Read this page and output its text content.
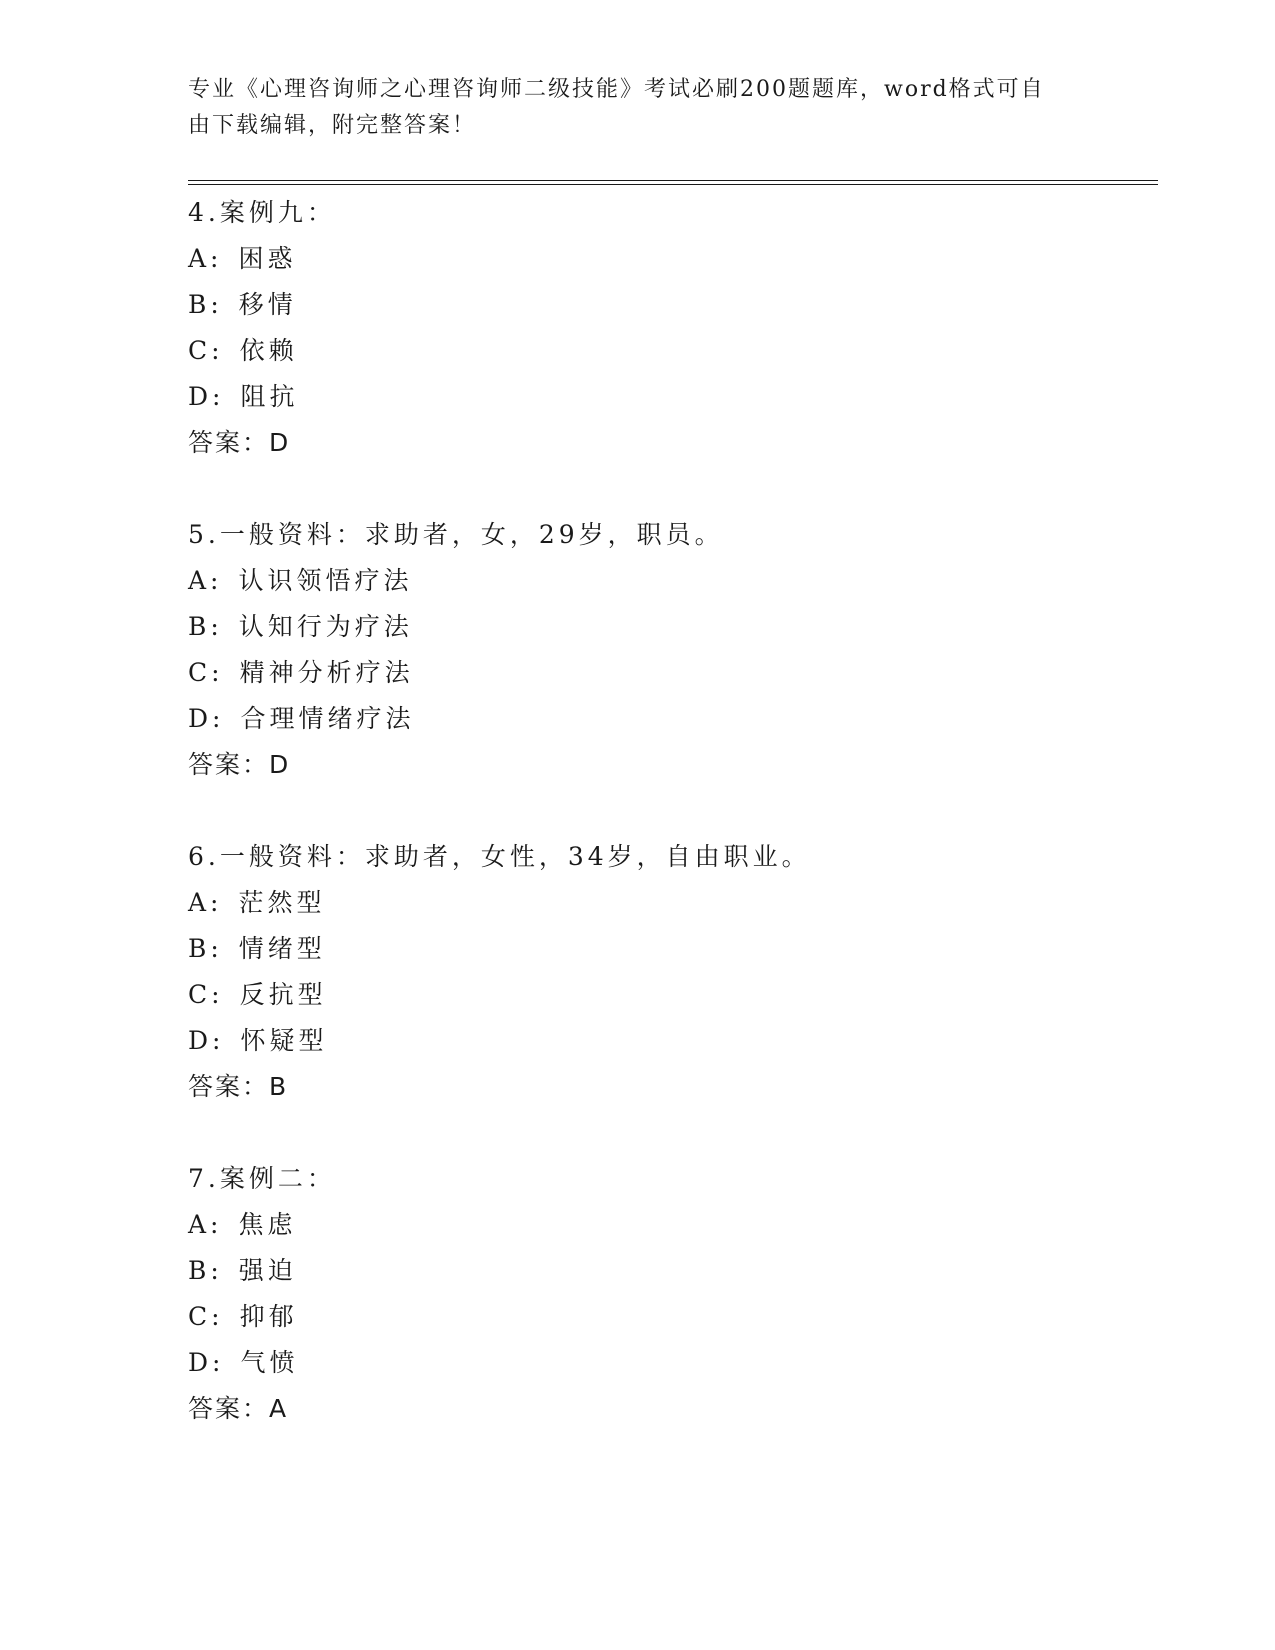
专业《心理咨询师之心理咨询师二级技能》考试必刷200题题库，word格式可自由下载编辑，附完整答案！
4.案例九：
A: 困惑
B: 移情
C: 依赖
D: 阻抗
答案：D
5.一般资料：求助者，女，29岁，职员。
A: 认识领悟疗法
B: 认知行为疗法
C: 精神分析疗法
D: 合理情绪疗法
答案：D
6.一般资料：求助者，女性，34岁，自由职业。
A: 茫然型
B: 情绪型
C: 反抗型
D: 怀疑型
答案：B
7.案例二：
A: 焦虑
B: 强迫
C: 抑郁
D: 气愤
答案：A
